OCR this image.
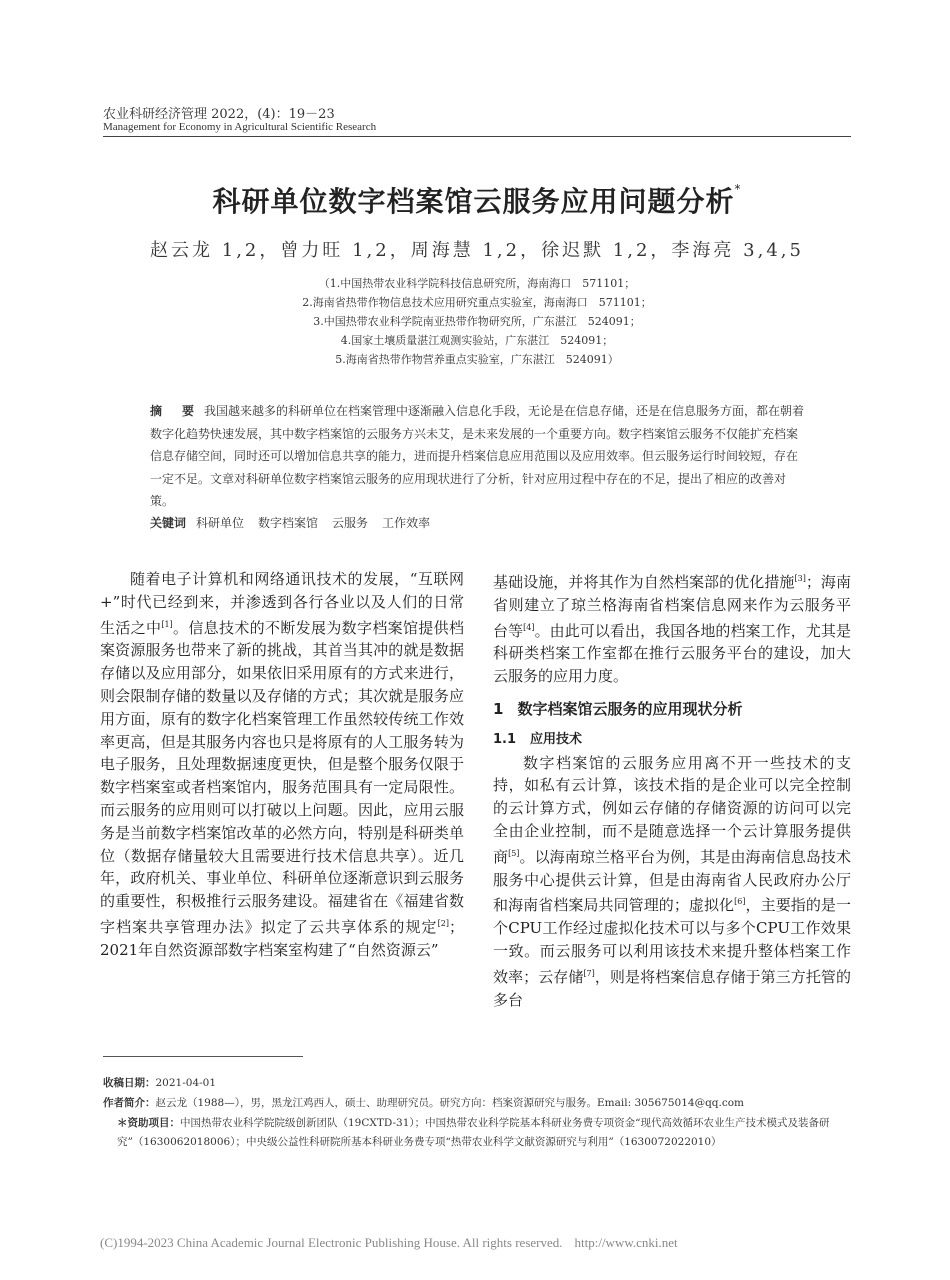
农业科研经济管理 2022，(4)：19－23
Management for Economy in Agricultural Scientific Research
科研单位数字档案馆云服务应用问题分析*
赵云龙 1,2，曾力旺 1,2，周海慧 1,2，徐迟默 1,2，李海亮 3,4,5
（1.中国热带农业科学院科技信息研究所，海南海口　571101；
2.海南省热带作物信息技术应用研究重点实验室，海南海口　571101；
3.中国热带农业科学院南亚热带作物研究所，广东湛江　524091；
4.国家土壤质量湛江观测实验站，广东湛江　524091；
5.海南省热带作物营养重点实验室，广东湛江　524091）
摘　要 我国越来越多的科研单位在档案管理中逐渐融入信息化手段，无论是在信息存储，还是在信息服务方面，都在朝着数字化趋势快速发展，其中数字档案馆的云服务方兴未艾，是未来发展的一个重要方向。数字档案馆云服务不仅能扩充档案信息存储空间，同时还可以增加信息共享的能力，进而提升档案信息应用范围以及应用效率。但云服务运行时间较短，存在一定不足。文章对科研单位数字档案馆云服务的应用现状进行了分析，针对应用过程中存在的不足，提出了相应的改善对策。
关键词 科研单位 数字档案馆 云服务 工作效率

随着电子计算机和网络通讯技术的发展，“互联网+”时代已经到来，并渗透到各行各业以及人们的日常生活之中[1]。信息技术的不断发展为数字档案馆提供档案资源服务也带来了新的挑战，其首当其冲的就是数据存储以及应用部分，如果依旧采用原有的方式来进行，则会限制存储的数量以及存储的方式；其次就是服务应用方面，原有的数字化档案管理工作虽然较传统工作效率更高，但是其服务内容也只是将原有的人工服务转为电子服务，且处理数据速度更快，但是整个服务仅限于数字档案室或者档案馆内，服务范围具有一定局限性。而云服务的应用则可以打破以上问题。因此，应用云服务是当前数字档案馆改革的必然方向，特别是科研类单位（数据存储量较大且需要进行技术信息共享）。近几年，政府机关、事业单位、科研单位逐渐意识到云服务的重要性，积极推行云服务建设。福建省在《福建省数字档案共享管理办法》拟定了云共享体系的规定[2]；2021年自然资源部数字档案室构建了“自然资源云”

基础设施，并将其作为自然档案部的优化措施[3]；海南省则建立了琼兰格海南省档案信息网来作为云服务平台等[4]。由此可以看出，我国各地的档案工作，尤其是科研类档案工作室都在推行云服务平台的建设，加大云服务的应用力度。

1 数字档案馆云服务的应用现状分析
1.1 应用技术

数字档案馆的云服务应用离不开一些技术的支持，如私有云计算，该技术指的是企业可以完全控制的云计算方式，例如云存储的存储资源的访问可以完全由企业控制，而不是随意选择一个云计算服务提供商[5]。以海南琼兰格平台为例，其是由海南信息岛技术服务中心提供云计算，但是由海南省人民政府办公厅和海南省档案局共同管理的；虚拟化[6]，主要指的是一个CPU工作经过虚拟化技术可以与多个CPU工作效果一致。而云服务可以利用该技术来提升整体档案工作效率；云存储[7]，则是将档案信息存储于第三方托管的多台

收稿日期：2021-04-01
作者简介：赵云龙（1988—），男，黑龙江鸡西人，硕士、助理研究员。研究方向：档案资源研究与服务。Email: 305675014@qq.com
＊资助项目：中国热带农业科学院院级创新团队（19CXTD-31）；中国热带农业科学院基本科研业务费专项资金“现代高效循环农业生产技术模式及装备研究”（1630062018006）；中央级公益性科研院所基本科研业务费专项“热带农业科学文献资源研究与利用”（1630072022010）
(C)1994-2023 China Academic Journal Electronic Publishing House. All rights reserved. http://www.cnki.net
